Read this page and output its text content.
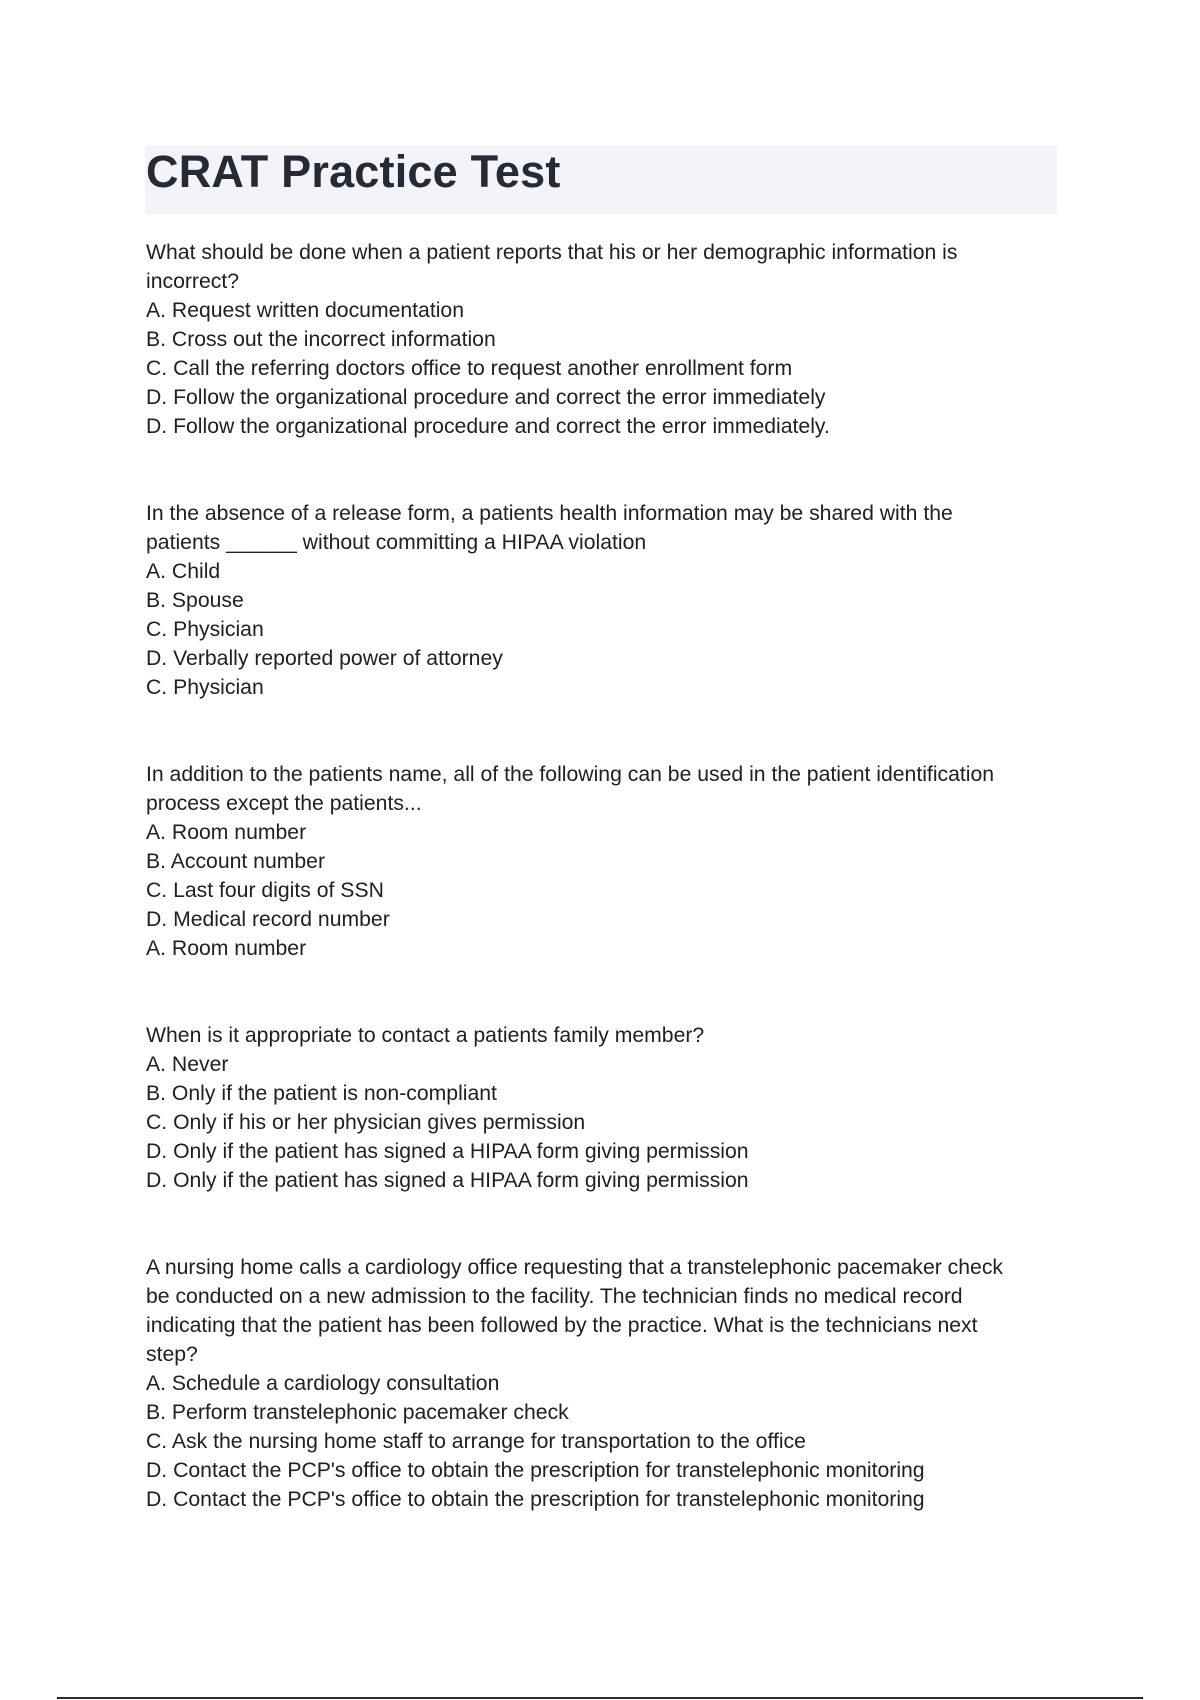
CRAT Practice Test
What should be done when a patient reports that his or her demographic information is
incorrect?
A. Request written documentation
B. Cross out the incorrect information
C. Call the referring doctors office to request another enrollment form
D. Follow the organizational procedure and correct the error immediately
D. Follow the organizational procedure and correct the error immediately.
In the absence of a release form, a patients health information may be shared with the
patients ______ without committing a HIPAA violation
A. Child
B. Spouse
C. Physician
D. Verbally reported power of attorney
C. Physician
In addition to the patients name, all of the following can be used in the patient identification
process except the patients...
A. Room number
B. Account number
C. Last four digits of SSN
D. Medical record number
A. Room number
When is it appropriate to contact a patients family member?
A. Never
B. Only if the patient is non-compliant
C. Only if his or her physician gives permission
D. Only if the patient has signed a HIPAA form giving permission
D. Only if the patient has signed a HIPAA form giving permission
A nursing home calls a cardiology office requesting that a transtelephonic pacemaker check
be conducted on a new admission to the facility. The technician finds no medical record
indicating that the patient has been followed by the practice. What is the technicians next
step?
A. Schedule a cardiology consultation
B. Perform transtelephonic pacemaker check
C. Ask the nursing home staff to arrange for transportation to the office
D. Contact the PCP's office to obtain the prescription for transtelephonic monitoring
D. Contact the PCP's office to obtain the prescription for transtelephonic monitoring
